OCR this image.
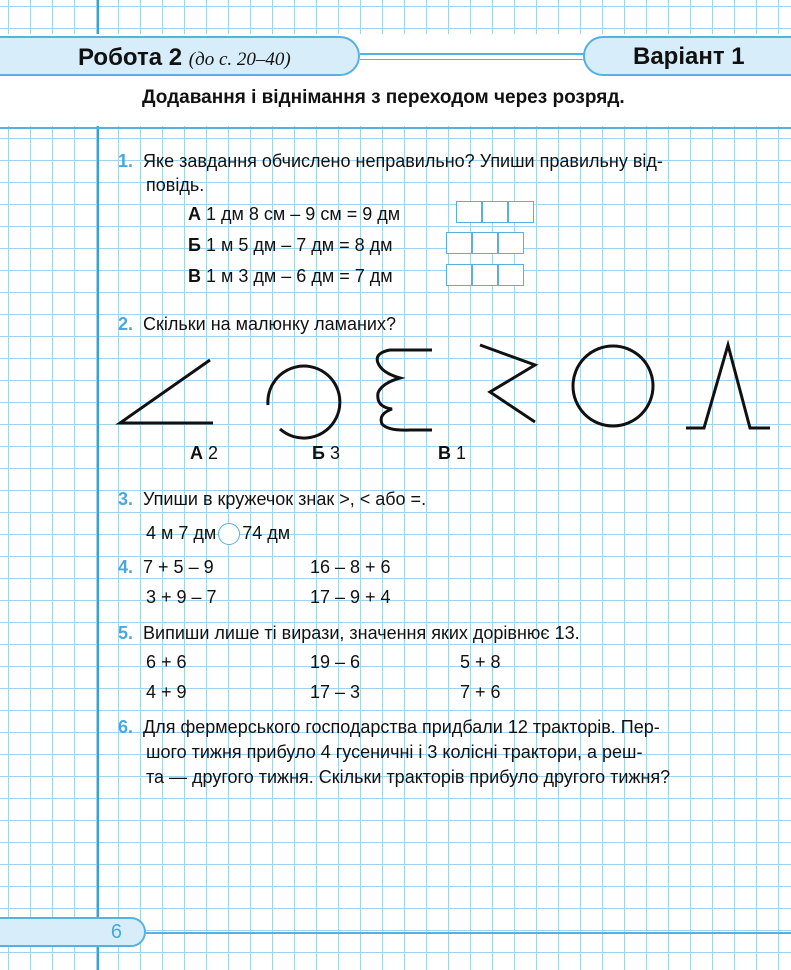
Робота 2 (до с. 20–40)	Варіант 1
Додавання і віднімання з переходом через розряд.
1. Яке завдання обчислено неправильно? Упиши правильну від-
повідь.
А 1 дм 8 см – 9 см = 9 дм
Б 1 м 5 дм – 7 дм = 8 дм
В 1 м 3 дм – 6 дм = 7 дм
2. Скільки на малюнку ламаних?
А 2	Б 3	В 1
3. Упиши в кружечок знак >, < або =.
4 м 7 дм 74 дм
4. 7 + 5 – 9	16 – 8 + 6
3 + 9 – 7	17 – 9 + 4
5. Випиши лише ті вирази, значення яких дорівнює 13.
6 + 6	19 – 6	5 + 8
4 + 9	17 – 3	7 + 6
6. Для фермерського господарства придбали 12 тракторів. Пер-
шого тижня прибуло 4 гусеничні і 3 колісні трактори, а реш-
та — другого тижня. Скільки тракторів прибуло другого тижня?
6
